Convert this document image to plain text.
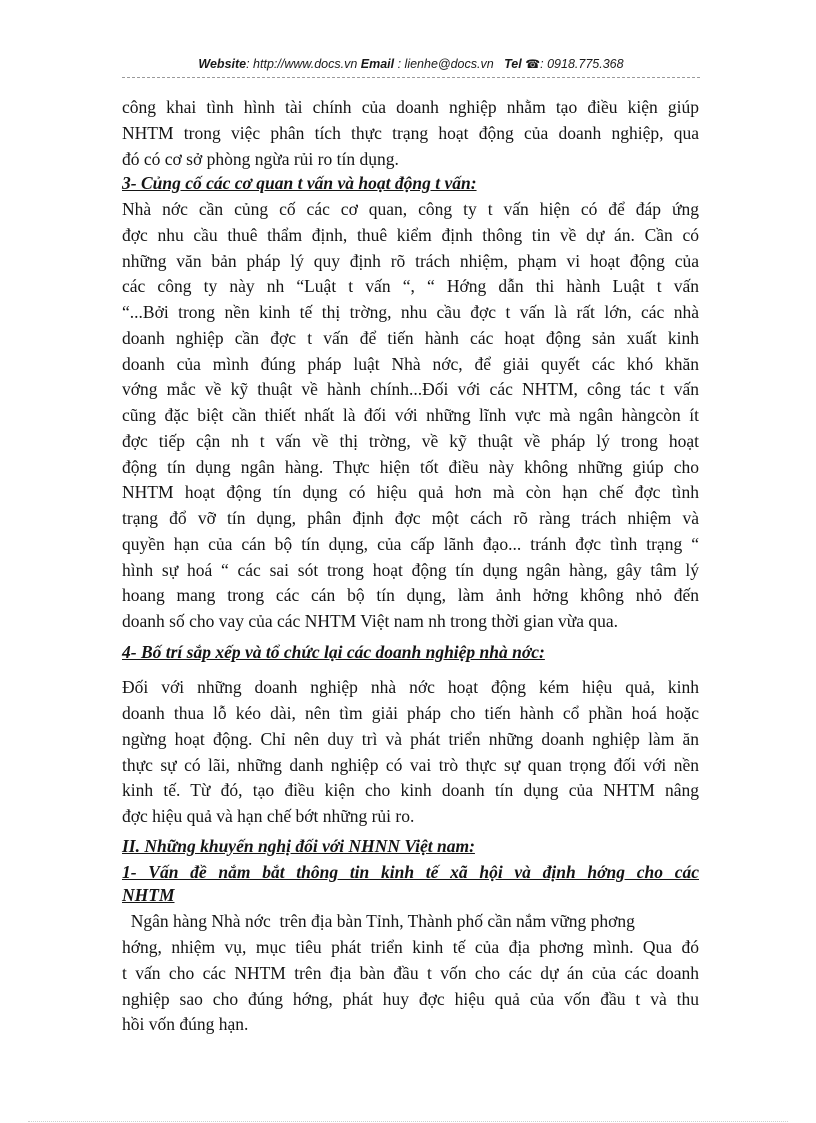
Website: http://www.docs.vn Email : lienhe@docs.vn Tel ☎: 0918.775.368
công khai tình hình tài chính của doanh nghiệp nhằm tạo điều kiện giúp
NHTM trong việc phân tích thực trạng hoạt động của doanh nghiệp, qua
đó có cơ sở phòng ngừa rủi ro tín dụng.
3- Củng cố các cơ quan t vấn và hoạt động t vấn:
Nhà nớc cần củng cố các cơ quan, công ty t vấn hiện có để đáp ứng
đợc nhu cầu thuê thẩm định, thuê kiểm định thông tin về dự án. Cần có
những văn bản pháp lý quy định rõ trách nhiệm, phạm vi hoạt động của
các công ty này nh “Luật t vấn “, “ Hớng dẫn thi hành Luật t vấn
“...Bởi trong nền kinh tế thị trờng, nhu cầu đợc t vấn là rất lớn, các nhà
doanh nghiệp cần đợc t vấn để tiến hành các hoạt động sản xuất kinh
doanh của mình đúng pháp luật Nhà nớc, để giải quyết các khó khăn
vớng mắc về kỹ thuật về hành chính...Đối với các NHTM, công tác t vấn
cũng đặc biệt cần thiết nhất là đối với những lĩnh vực mà ngân hàngcòn ít
đợc tiếp cận nh t vấn về thị trờng, về kỹ thuật về pháp lý trong hoạt
động tín dụng ngân hàng. Thực hiện tốt điều này không những giúp cho
NHTM hoạt động tín dụng có hiệu quả hơn mà còn hạn chế đợc tình
trạng đổ vỡ tín dụng, phân định đợc một cách rõ ràng trách nhiệm và
quyền hạn của cán bộ tín dụng, của cấp lãnh đạo... tránh đợc tình trạng “
hình sự hoá “ các sai sót trong hoạt động tín dụng ngân hàng, gây tâm lý
hoang mang trong các cán bộ tín dụng, làm ảnh hởng không nhỏ đến
doanh số cho vay của các NHTM Việt nam nh trong thời gian vừa qua.
4- Bố trí sắp xếp và tổ chức lại các doanh nghiệp nhà nớc:
Đối với những doanh nghiệp nhà nớc hoạt động kém hiệu quả, kinh
doanh thua lỗ kéo dài, nên tìm giải pháp cho tiến hành cổ phần hoá hoặc
ngừng hoạt động. Chỉ nên duy trì và phát triển những doanh nghiệp làm ăn
thực sự có lãi, những danh nghiệp có vai trò thực sự quan trọng đối với nền
kinh tế. Từ đó, tạo điều kiện cho kinh doanh tín dụng của NHTM nâng
đợc hiệu quả và hạn chế bớt những rủi ro.
II. Những khuyến nghị đối với NHNN Việt nam:
1- Vấn đề nắm bắt thông tin kinh tế xã hội và định hớng cho các
NHTM
Ngân hàng Nhà nớc  trên địa bàn Tỉnh, Thành phố cần nắm vững phơng
hớng, nhiệm vụ, mục tiêu phát triển kinh tế của địa phơng mình. Qua đó
t vấn cho các NHTM trên địa bàn đầu t vốn cho các dự án của các doanh
nghiệp sao cho đúng hớng, phát huy đợc hiệu quả của vốn đầu t và thu
hồi vốn đúng hạn.
